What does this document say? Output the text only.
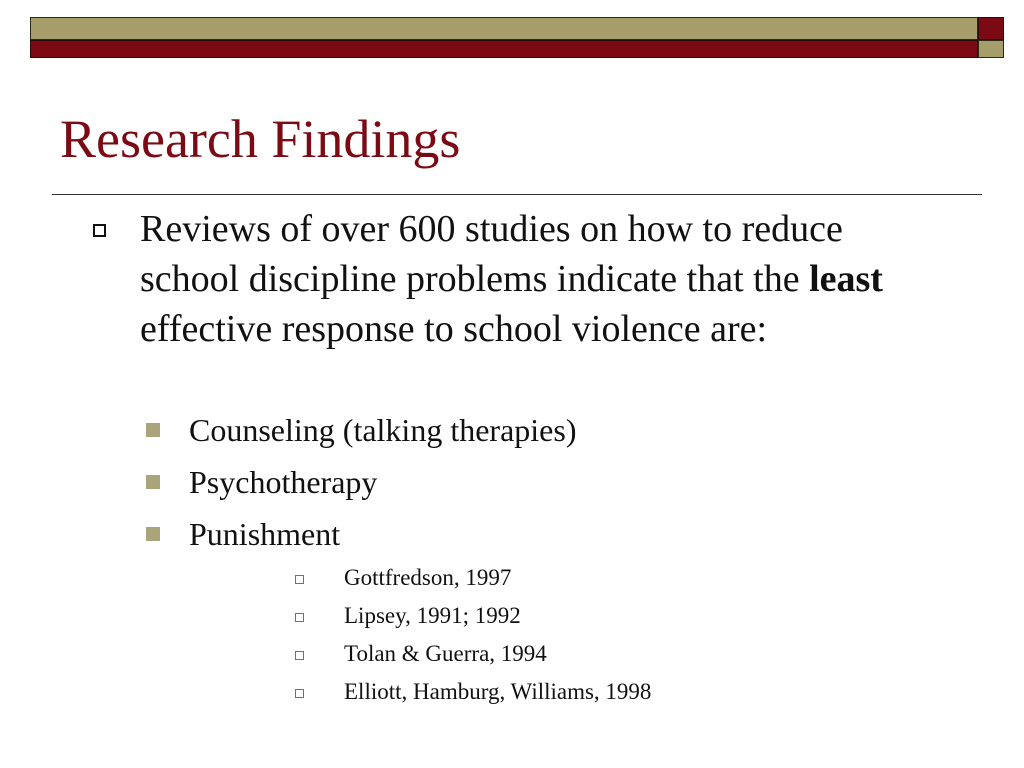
Research Findings
Reviews of over 600 studies on how to reduce school discipline problems indicate that the least effective response to school violence are:
Counseling (talking therapies)
Psychotherapy
Punishment
Gottfredson, 1997
Lipsey, 1991; 1992
Tolan & Guerra, 1994
Elliott, Hamburg, Williams, 1998
